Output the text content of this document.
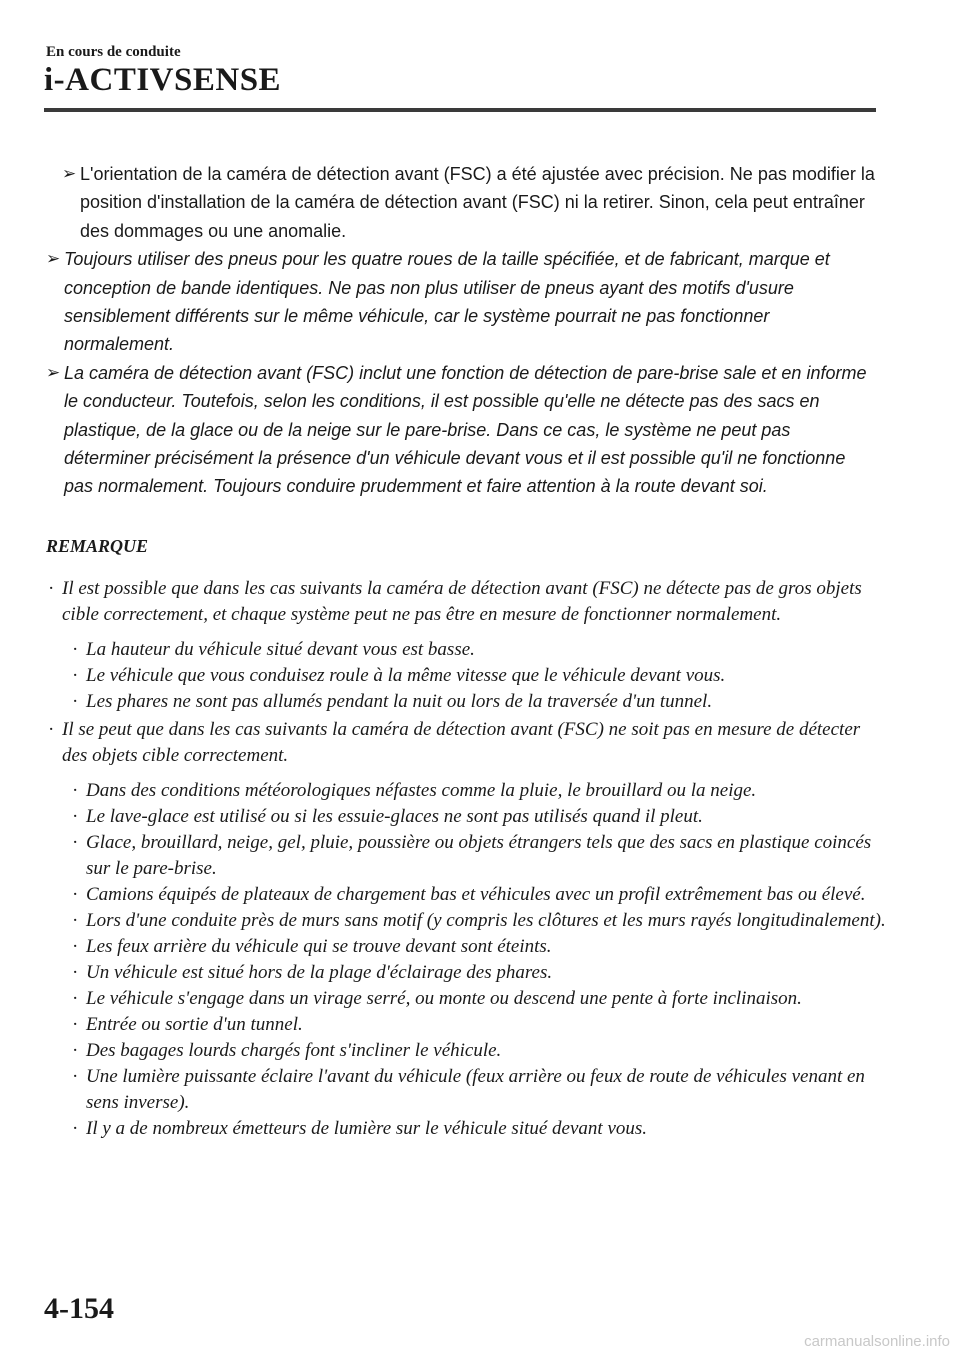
En cours de conduite
i-ACTIVSENSE
➢ L'orientation de la caméra de détection avant (FSC) a été ajustée avec précision. Ne pas modifier la position d'installation de la caméra de détection avant (FSC) ni la retirer. Sinon, cela peut entraîner des dommages ou une anomalie.
➢ Toujours utiliser des pneus pour les quatre roues de la taille spécifiée, et de fabricant, marque et conception de bande identiques. Ne pas non plus utiliser de pneus ayant des motifs d'usure sensiblement différents sur le même véhicule, car le système pourrait ne pas fonctionner normalement.
➢ La caméra de détection avant (FSC) inclut une fonction de détection de pare-brise sale et en informe le conducteur. Toutefois, selon les conditions, il est possible qu'elle ne détecte pas des sacs en plastique, de la glace ou de la neige sur le pare-brise. Dans ce cas, le système ne peut pas déterminer précisément la présence d'un véhicule devant vous et il est possible qu'il ne fonctionne pas normalement. Toujours conduire prudemment et faire attention à la route devant soi.
REMARQUE
· Il est possible que dans les cas suivants la caméra de détection avant (FSC) ne détecte pas de gros objets cible correctement, et chaque système peut ne pas être en mesure de fonctionner normalement.
· La hauteur du véhicule situé devant vous est basse.
· Le véhicule que vous conduisez roule à la même vitesse que le véhicule devant vous.
· Les phares ne sont pas allumés pendant la nuit ou lors de la traversée d'un tunnel.
· Il se peut que dans les cas suivants la caméra de détection avant (FSC) ne soit pas en mesure de détecter des objets cible correctement.
· Dans des conditions météorologiques néfastes comme la pluie, le brouillard ou la neige.
· Le lave-glace est utilisé ou si les essuie-glaces ne sont pas utilisés quand il pleut.
· Glace, brouillard, neige, gel, pluie, poussière ou objets étrangers tels que des sacs en plastique coincés sur le pare-brise.
· Camions équipés de plateaux de chargement bas et véhicules avec un profil extrêmement bas ou élevé.
· Lors d'une conduite près de murs sans motif (y compris les clôtures et les murs rayés longitudinalement).
· Les feux arrière du véhicule qui se trouve devant sont éteints.
· Un véhicule est situé hors de la plage d'éclairage des phares.
· Le véhicule s'engage dans un virage serré, ou monte ou descend une pente à forte inclinaison.
· Entrée ou sortie d'un tunnel.
· Des bagages lourds chargés font s'incliner le véhicule.
· Une lumière puissante éclaire l'avant du véhicule (feux arrière ou feux de route de véhicules venant en sens inverse).
· Il y a de nombreux émetteurs de lumière sur le véhicule situé devant vous.
4-154
carmanualsonline.info
